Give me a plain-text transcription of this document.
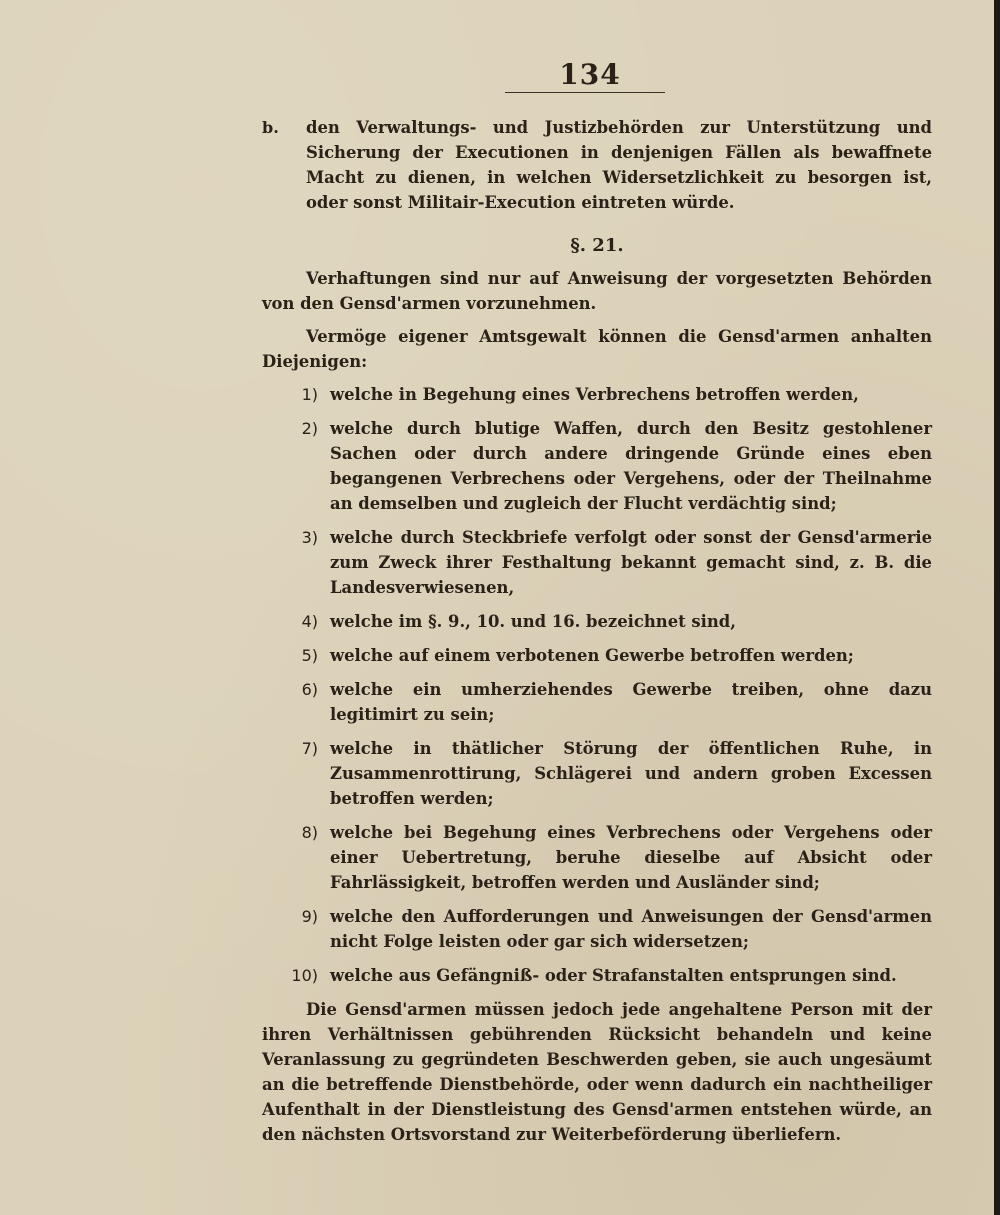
134
b.	den Verwaltungs- und Justizbehörden zur Unterstützung und Sicherung der Executionen in denjenigen Fällen als bewaffnete Macht zu dienen, in welchen Widersetzlichkeit zu besorgen ist, oder sonst Militair-Execution eintreten würde.
§. 21.
Verhaftungen sind nur auf Anweisung der vorgesetzten Behörden von den Gensd'armen vorzunehmen.
Vermöge eigener Amtsgewalt können die Gensd'armen anhalten Diejenigen:
1) welche in Begehung eines Verbrechens betroffen werden,
2) welche durch blutige Waffen, durch den Besitz gestohlener Sachen oder durch andere dringende Gründe eines eben begangenen Verbrechens oder Vergehens, oder der Theilnahme an demselben und zugleich der Flucht verdächtig sind;
3) welche durch Steckbriefe verfolgt oder sonst der Gensd'armerie zum Zweck ihrer Festhaltung bekannt gemacht sind, z. B. die Landesverwiesenen,
4) welche im §. 9., 10. und 16. bezeichnet sind,
5) welche auf einem verbotenen Gewerbe betroffen werden;
6) welche ein umherziehendes Gewerbe treiben, ohne dazu legitimirt zu sein;
7) welche in thätlicher Störung der öffentlichen Ruhe, in Zusammenrottirung, Schlägerei und andern groben Excessen betroffen werden;
8) welche bei Begehung eines Verbrechens oder Vergehens oder einer Uebertretung, beruhe dieselbe auf Absicht oder Fahrlässigkeit, betroffen werden und Ausländer sind;
9) welche den Aufforderungen und Anweisungen der Gensd'armen nicht Folge leisten oder gar sich widersetzen;
10) welche aus Gefängniß- oder Strafanstalten entsprungen sind.
Die Gensd'armen müssen jedoch jede angehaltene Person mit der ihren Verhältnissen gebührenden Rücksicht behandeln und keine Veranlassung zu gegründeten Beschwerden geben, sie auch ungesäumt an die betreffende Dienstbehörde, oder wenn dadurch ein nachtheiliger Aufenthalt in der Dienstleistung des Gensd'armen entstehen würde, an den nächsten Ortsvorstand zur Weiterbeförderung überliefern.
